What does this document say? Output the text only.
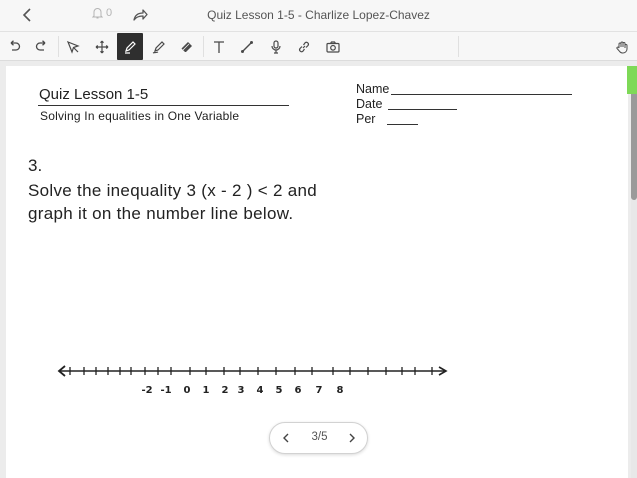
0	Quiz Lesson 1-5 - Charlize Lopez-Chavez
Quiz Lesson 1-5
Solving In equalities in One Variable
Name
Date
Per
3.
Solve the inequality 3 (x - 2 ) < 2 and
graph it on the number line below.
-2 -1 0 1 2 3 4 5 6 7 8
3/5
